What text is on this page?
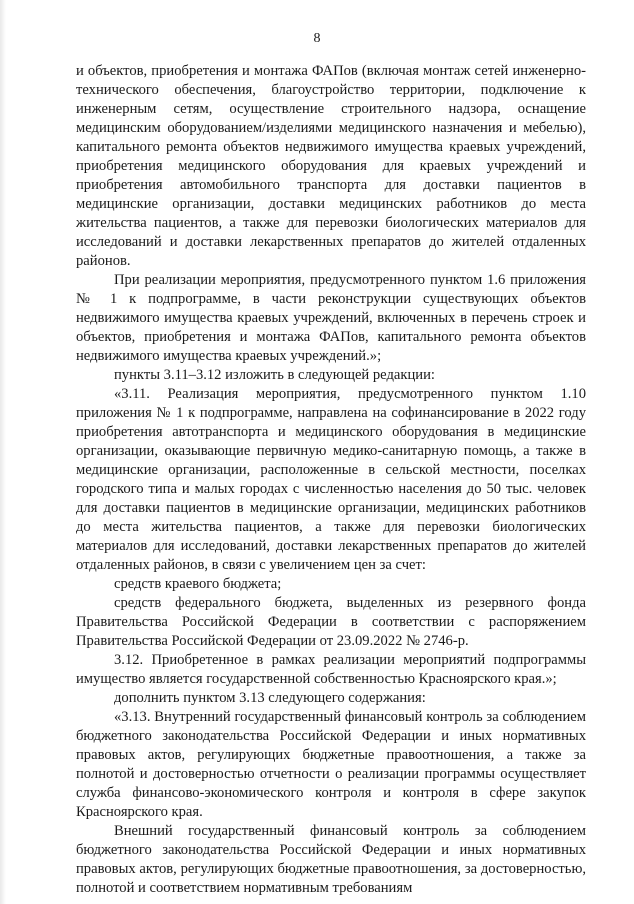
8

и объектов, приобретения и монтажа ФАПов (включая монтаж сетей инженерно-технического обеспечения, благоустройство территории, подключение к инженерным сетям, осуществление строительного надзора, оснащение медицинским оборудованием/изделиями медицинского назначения и мебелью), капитального ремонта объектов недвижимого имущества краевых учреждений, приобретения медицинского оборудования для краевых учреждений и приобретения автомобильного транспорта для доставки пациентов в медицинские организации, доставки медицинских работников до места жительства пациентов, а также для перевозки биологических материалов для исследований и доставки лекарственных препаратов до жителей отдаленных районов.

При реализации мероприятия, предусмотренного пунктом 1.6 приложения № 1 к подпрограмме, в части реконструкции существующих объектов недвижимого имущества краевых учреждений, включенных в перечень строек и объектов, приобретения и монтажа ФАПов, капитального ремонта объектов недвижимого имущества краевых учреждений.»;

пункты 3.11–3.12 изложить в следующей редакции:

«3.11. Реализация мероприятия, предусмотренного пунктом 1.10 приложения № 1 к подпрограмме, направлена на софинансирование в 2022 году приобретения автотранспорта и медицинского оборудования в медицинские организации, оказывающие первичную медико-санитарную помощь, а также в медицинские организации, расположенные в сельской местности, поселках городского типа и малых городах с численностью населения до 50 тыс. человек для доставки пациентов в медицинские организации, медицинских работников до места жительства пациентов, а также для перевозки биологических материалов для исследований, доставки лекарственных препаратов до жителей отдаленных районов, в связи с увеличением цен за счет:

средств краевого бюджета;

средств федерального бюджета, выделенных из резервного фонда Правительства Российской Федерации в соответствии с распоряжением Правительства Российской Федерации от 23.09.2022 № 2746-р.

3.12. Приобретенное в рамках реализации мероприятий подпрограммы имущество является государственной собственностью Красноярского края.»;

дополнить пунктом 3.13 следующего содержания:

«3.13. Внутренний государственный финансовый контроль за соблюдением бюджетного законодательства Российской Федерации и иных нормативных правовых актов, регулирующих бюджетные правоотношения, а также за полнотой и достоверностью отчетности о реализации программы осуществляет служба финансово-экономического контроля и контроля в сфере закупок Красноярского края.

Внешний государственный финансовый контроль за соблюдением бюджетного законодательства Российской Федерации и иных нормативных правовых актов, регулирующих бюджетные правоотношения, за достоверностью, полнотой и соответствием нормативным требованиям
